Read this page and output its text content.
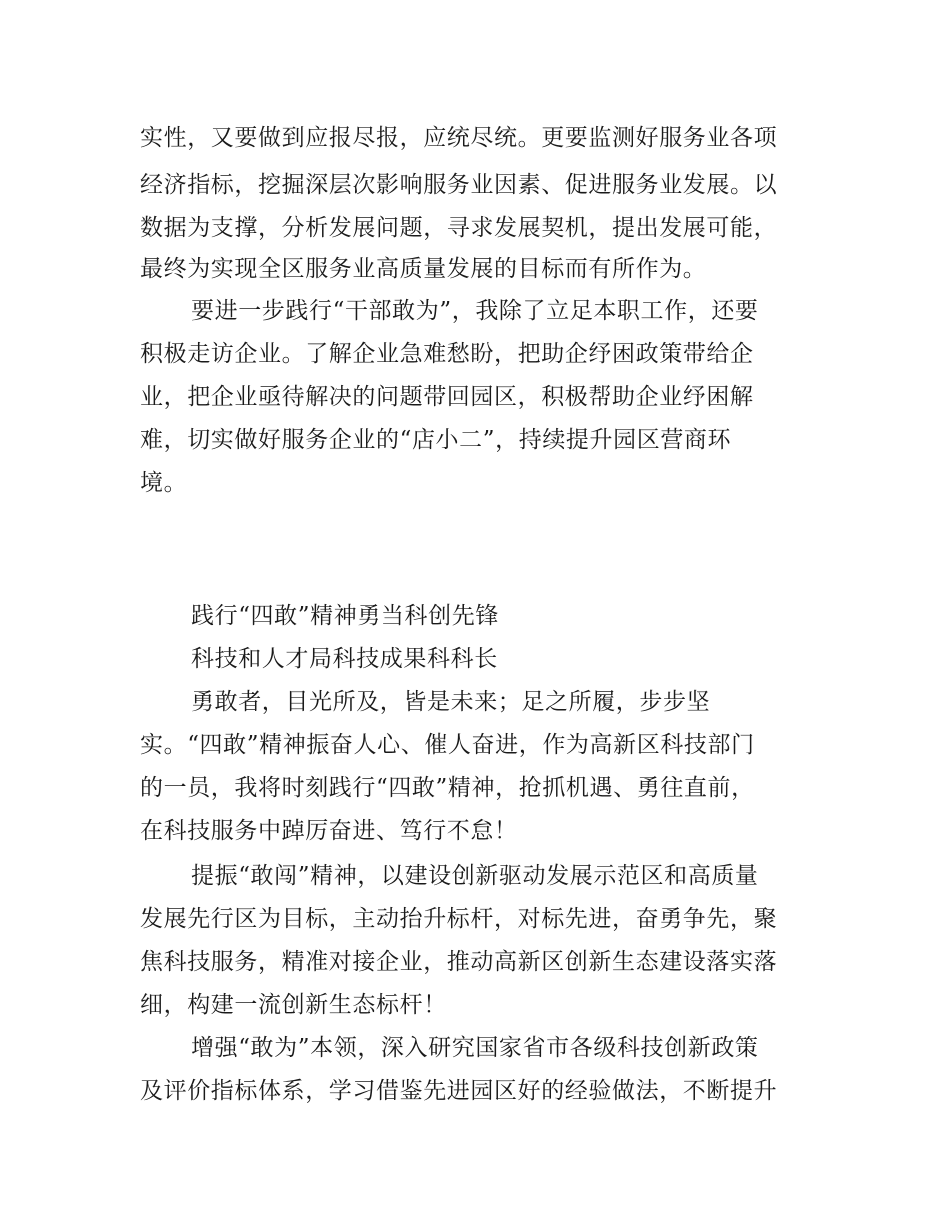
实性，又要做到应报尽报，应统尽统。更要监测好服务业各项
经济指标，挖掘深层次影响服务业因素、促进服务业发展。以
数据为支撑，分析发展问题，寻求发展契机，提出发展可能，
最终为实现全区服务业高质量发展的目标而有所作为。
要进一步践行“干部敢为”，我除了立足本职工作，还要
积极走访企业。了解企业急难愁盼，把助企纾困政策带给企
业，把企业亟待解决的问题带回园区，积极帮助企业纾困解
难，切实做好服务企业的“店小二”，持续提升园区营商环
境。
践行“四敢”精神勇当科创先锋
科技和人才局科技成果科科长
勇敢者，目光所及，皆是未来；足之所履，步步坚
实。“四敢”精神振奋人心、催人奋进，作为高新区科技部门
的一员，我将时刻践行“四敢”精神，抢抓机遇、勇往直前，
在科技服务中踔厉奋进、笃行不怠！
提振“敢闯”精神，以建设创新驱动发展示范区和高质量
发展先行区为目标，主动抬升标杆，对标先进，奋勇争先，聚
焦科技服务，精准对接企业，推动高新区创新生态建设落实落
细，构建一流创新生态标杆！
增强“敢为”本领，深入研究国家省市各级科技创新政策
及评价指标体系，学习借鉴先进园区好的经验做法，不断提升
